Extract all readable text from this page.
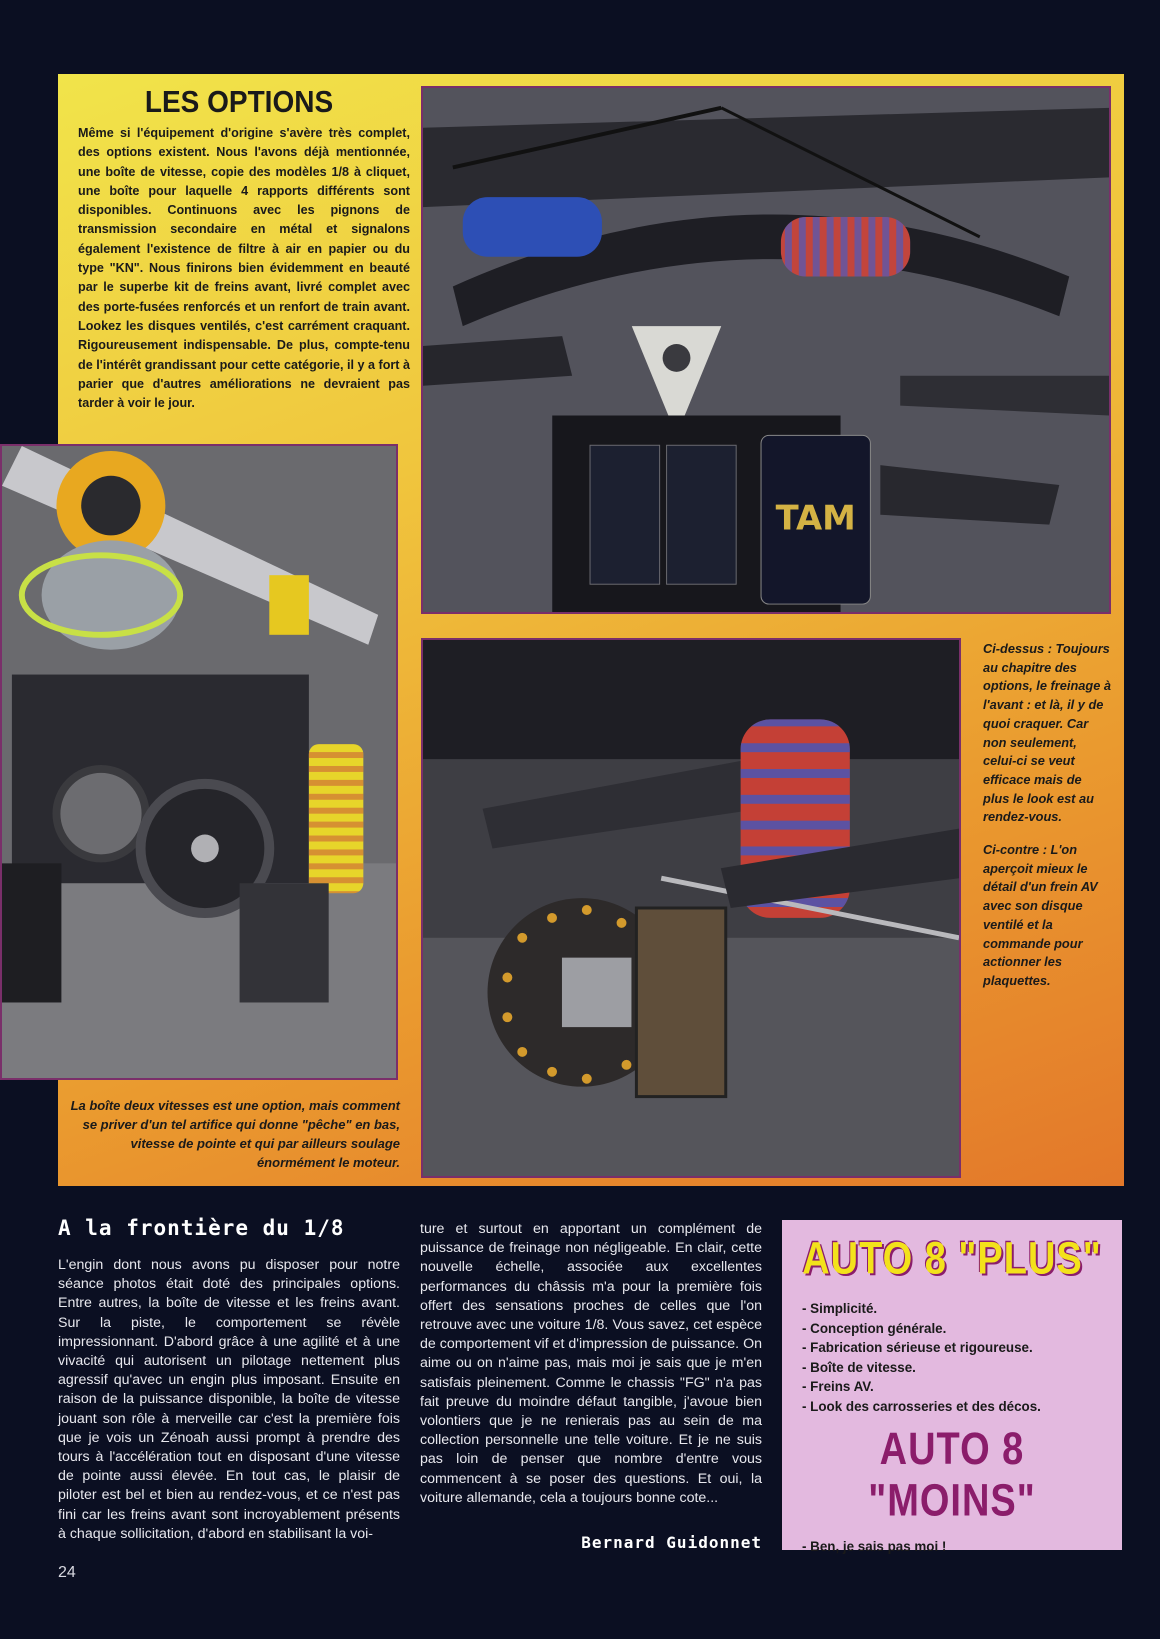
LES OPTIONS

Même si l'équipement d'origine s'avère très complet, des options existent. Nous l'avons déjà mentionnée, une boîte de vitesse, copie des modèles 1/8 à cliquet, une boîte pour laquelle 4 rapports différents sont disponibles. Continuons avec les pignons de transmission secondaire en métal et signalons également l'existence de filtre à air en papier ou du type "KN". Nous finirons bien évidemment en beauté par le superbe kit de freins avant, livré complet avec des porte-fusées renforcés et un renfort de train avant. Lookez les disques ventilés, c'est carrément craquant. Rigoureusement indispensable. De plus, compte-tenu de l'intérêt grandissant pour cette catégorie, il y a fort à parier que d'autres améliorations ne devraient pas tarder à voir le jour.

TAM

Ci-dessus : Toujours au chapitre des options, le freinage à l'avant : et là, il y de quoi craquer. Car non seulement, celui-ci se veut efficace mais de plus le look est au rendez-vous.

Ci-contre : L'on aperçoit mieux le détail d'un frein AV avec son disque ventilé et la commande pour actionner les plaquettes.

La boîte deux vitesses est une option, mais comment se priver d'un tel artifice qui donne "pêche" en bas, vitesse de pointe et qui par ailleurs soulage énormément le moteur.
A la frontière du 1/8
L'engin dont nous avons pu disposer pour notre séance photos était doté des principales options. Entre autres, la boîte de vitesse et les freins avant. Sur la piste, le comportement se révèle impressionnant. D'abord grâce à une agilité et à une vivacité qui autorisent un pilotage nettement plus agressif qu'avec un engin plus imposant. Ensuite en raison de la puissance disponible, la boîte de vitesse jouant son rôle à merveille car c'est la première fois que je vois un Zénoah aussi prompt à prendre des tours à l'accélération tout en disposant d'une vitesse de pointe aussi élevée. En tout cas, le plaisir de piloter est bel et bien au rendez-vous, et ce n'est pas fini car les freins avant sont incroyablement présents à chaque sollicitation, d'abord en stabilisant la voi-
ture et surtout en apportant un complément de puissance de freinage non négligeable. En clair, cette nouvelle échelle, associée aux excellentes performances du châssis m'a pour la première fois offert des sensations proches de celles que l'on retrouve avec une voiture 1/8. Vous savez, cet espèce de comportement vif et d'impression de puissance. On aime ou on n'aime pas, mais moi je sais que je m'en satisfais pleinement. Comme le chassis "FG" n'a pas fait preuve du moindre défaut tangible, j'avoue bien volontiers que je ne renierais pas au sein de ma collection personnelle une telle voiture. Et je ne suis pas loin de penser que nombre d'entre vous commencent à se poser des questions. Et oui, la voiture allemande, cela a toujours bonne cote...
Bernard Guidonnet
24
AUTO 8 "PLUS"
- Simplicité.
- Conception générale.
- Fabrication sérieuse et rigoureuse.
- Boîte de vitesse.
- Freins AV.
- Look des carrosseries et des décos.
AUTO 8 "MOINS"
- Ben, je sais pas moi !
